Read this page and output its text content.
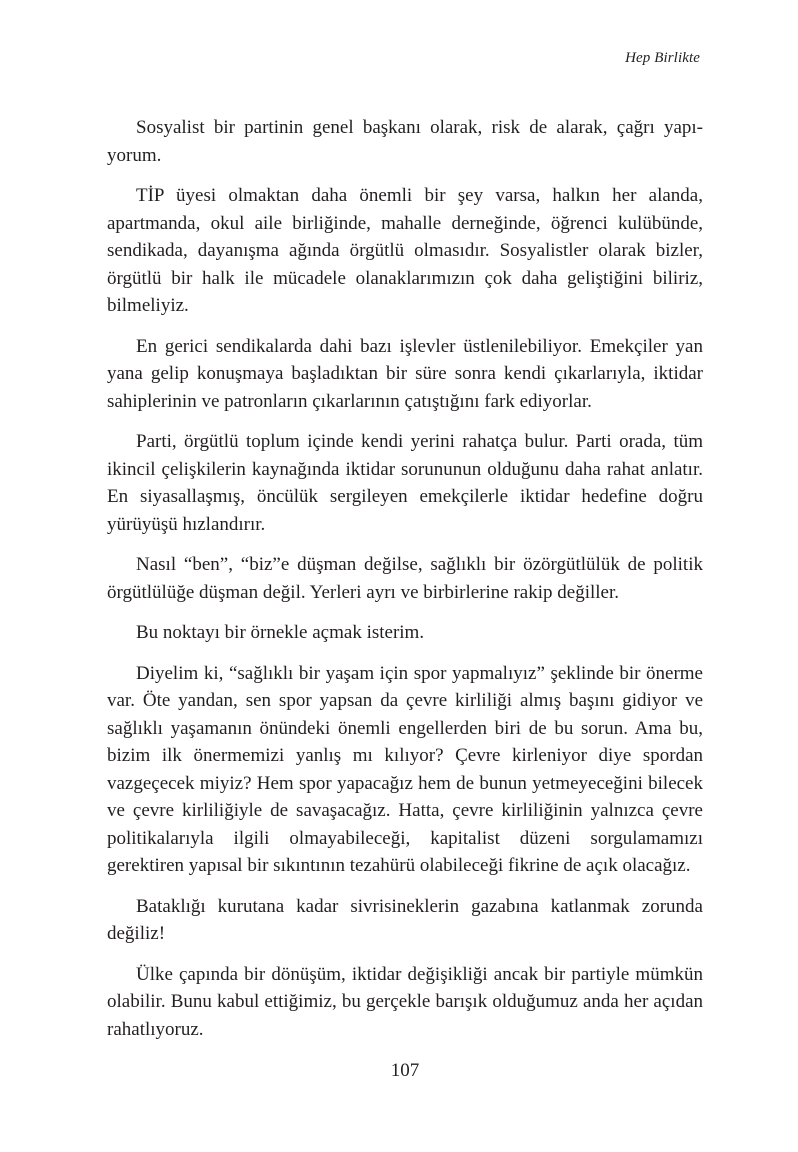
Hep Birlikte

Sosyalist bir partinin genel başkanı olarak, risk de alarak, çağrı yapıyorum.

TİP üyesi olmaktan daha önemli bir şey varsa, halkın her alanda, apartmanda, okul aile birliğinde, mahalle derneğinde, öğrenci kulübünde, sendikada, dayanışma ağında örgütlü olmasıdır. Sosyalistler olarak bizler, örgütlü bir halk ile mücadele olanaklarımızın çok daha geliştiğini biliriz, bilmeliyiz.

En gerici sendikalarda dahi bazı işlevler üstlenilebiliyor. Emekçiler yan yana gelip konuşmaya başladıktan bir süre sonra kendi çıkarlarıyla, iktidar sahiplerinin ve patronların çıkarlarının çatıştığını fark ediyorlar.

Parti, örgütlü toplum içinde kendi yerini rahatça bulur. Parti orada, tüm ikincil çelişkilerin kaynağında iktidar sorununun olduğunu daha rahat anlatır. En siyasallaşmış, öncülük sergileyen emekçilerle iktidar hedefine doğru yürüyüşü hızlandırır.

Nasıl “ben”, “biz”e düşman değilse, sağlıklı bir özörgütlülük de politik örgütlülüğe düşman değil. Yerleri ayrı ve birbirlerine rakip değiller.

Bu noktayı bir örnekle açmak isterim.

Diyelim ki, “sağlıklı bir yaşam için spor yapmalıyız” şeklinde bir önerme var. Öte yandan, sen spor yapsan da çevre kirliliği almış başını gidiyor ve sağlıklı yaşamanın önündeki önemli engellerden biri de bu sorun. Ama bu, bizim ilk önermemizi yanlış mı kılıyor? Çevre kirleniyor diye spordan vazgeçecek miyiz? Hem spor yapacağız hem de bunun yetmeyeceğini bilecek ve çevre kirliliğiyle de savaşacağız. Hatta, çevre kirliliğinin yalnızca çevre politikalarıyla ilgili olmayabileceği, kapitalist düzeni sorgulamamızı gerektiren yapısal bir sıkıntının tezahürü olabileceği fikrine de açık olacağız.

Bataklığı kurutana kadar sivrisineklerin gazabına katlanmak zorunda değiliz!

Ülke çapında bir dönüşüm, iktidar değişikliği ancak bir partiyle mümkün olabilir. Bunu kabul ettiğimiz, bu gerçekle barışık olduğumuz anda her açıdan rahatlıyoruz.

107
